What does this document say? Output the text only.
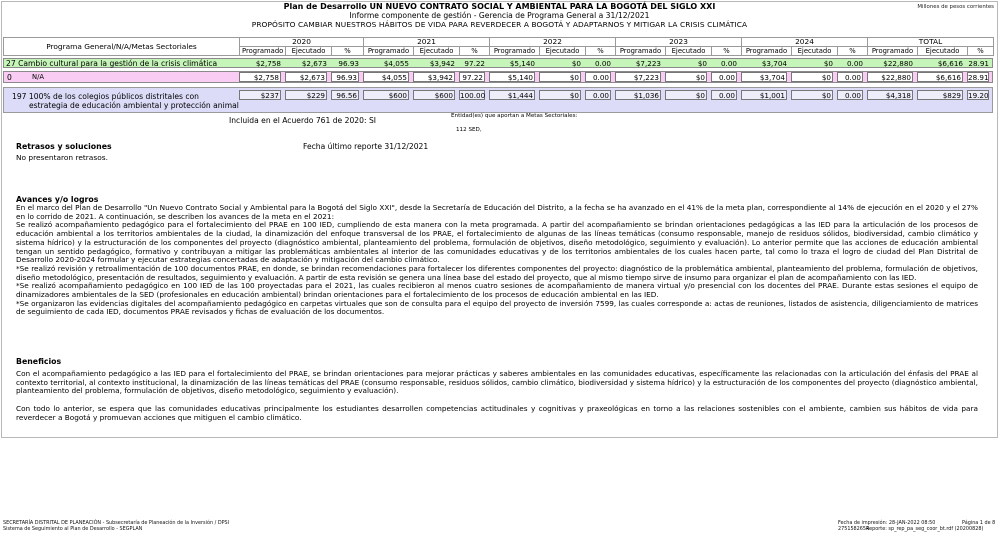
Plan de Desarrollo UN NUEVO CONTRATO SOCIAL Y AMBIENTAL PARA LA BOGOTÁ DEL SIGLO XXI
Informe componente de gestión - Gerencia de Programa General a 31/12/2021
PROPÓSITO CAMBIAR NUESTROS HÁBITOS DE VIDA PARA REVERDECER A BOGOTÁ Y ADAPTARNOS Y MITIGAR LA CRISIS CLIMÁTICA
Millones de pesos corrientes
Programa General/N/A/Metas Sectoriales	2020			2021			2022			2023			2024			TOTAL		
	Programado	Ejecutado	%	Programado	Ejecutado	%	Programado	Ejecutado	%	Programado	Ejecutado	%	Programado	Ejecutado	%	Programado	Ejecutado	%
27 Cambio cultural para la gestión de la crisis climática	$2,758	$2,673	96.93	$4,055	$3,942	97.22	$5,140	$0	0.00	$7,223	$0	0.00	$3,704	$0	0.00	$22,880	$6,616 28.91
0	N/A	$2,758	$2,673	96.93	$4,055	$3,942	97.22	$5,140	$0	0.00	$7,223	$0	0.00	$3,704	$0	0.00	$22,880	$6,616 28.91
197 100% de los colegios públicos distritales con
estrategia de educación ambiental y protección animal
$237	$229	96.56	$600	$600 100.00	$1,444	$0	0.00	$1,036	$0	0.00	$1,001	$0	0.00	$4,318	$829 19.20
Incluida en el Acuerdo 761 de 2020: SI	Entidad(es) que aportan a Metas Sectoriales:
112 SED,
Retrasos y soluciones
No presentaron retrasos.
Fecha último reporte 31/12/2021
Avances y/o logros

En el marco del Plan de Desarrollo "Un Nuevo Contrato Social y Ambiental para la Bogotá del Siglo XXI", desde la Secretaría de Educación del Distrito, a la fecha se ha avanzado en el 41% de la meta plan, correspondiente al 14% de ejecución en el 2020 y el 27% en lo corrido de 2021. A continuación, se describen los avances de la meta en el 2021:

Se realizó acompañamiento pedagógico para el fortalecimiento del PRAE en 100 IED, cumpliendo de esta manera con la meta programada. A partir del acompañamiento se brindan orientaciones pedagógicas a las IED para la articulación de los procesos de educación ambiental a los territorios ambientales de la ciudad, la dinamización del enfoque transversal de los PRAE, el fortalecimiento de algunas de las líneas temáticas (consumo responsable, manejo de residuos sólidos, biodiversidad, cambio climático y sistema hídrico) y la estructuración de los componentes del proyecto (diagnóstico ambiental, planteamiento del problema, formulación de objetivos, diseño metodológico, seguimiento y evaluación). Lo anterior permite que las acciones de educación ambiental tengan un sentido pedagógico, formativo y contribuyan a mitigar las problemáticas ambientales al interior de las comunidades educativas y de los territorios ambientales de los cuales hacen parte, tal como lo traza el logro de ciudad del Plan Distrital de Desarrollo 2020-2024 formular y ejecutar estrategias concertadas de adaptación y mitigación del cambio climático.

*Se realizó revisión y retroalimentación de 100 documentos PRAE, en donde, se brindan recomendaciones para fortalecer los diferentes componentes del proyecto: diagnóstico de la problemática ambiental, planteamiento del problema, formulación de objetivos, diseño metodológico, presentación de resultados, seguimiento y evaluación. A partir de esta revisión se genera una línea base del estado del proyecto, que al mismo tiempo sirve de insumo para organizar el plan de acompañamiento con las IED.

*Se realizó acompañamiento pedagógico en 100 IED de las 100 proyectadas para el 2021, las cuales recibieron al menos cuatro sesiones de acompañamiento de manera virtual y/o presencial con los docentes del PRAE. Durante estas sesiones el equipo de dinamizadores ambientales de la SED (profesionales en educación ambiental) brindan orientaciones para el fortalecimiento de los procesos de educación ambiental en las IED.

*Se organizaron las evidencias digitales del acompañamiento pedagógico en carpetas virtuales que son de consulta para el equipo del proyecto de inversión 7599, las cuales corresponde a: actas de reuniones, listados de asistencia, diligenciamiento de matrices de seguimiento de cada IED, documentos PRAE revisados y fichas de evaluación de los documentos.

Beneficios

Con el acompañamiento pedagógico a las IED para el fortalecimiento del PRAE, se brindan orientaciones para mejorar prácticas y saberes ambientales en las comunidades educativas, específicamente las relacionadas con la articulación del énfasis del PRAE al contexto territorial, al contexto institucional, la dinamización de las líneas temáticas del PRAE (consumo responsable, residuos sólidos, cambio climático, biodiversidad y sistema hídrico) y la estructuración de los componentes del proyecto (diagnóstico ambiental, planteamiento del problema, formulación de objetivos, diseño metodológico, seguimiento y evaluación).

Con todo lo anterior, se espera que las comunidades educativas principalmente los estudiantes desarrollen competencias actitudinales y cognitivas y praxeológicas en torno a las relaciones sostenibles con el ambiente, cambien sus hábitos de vida para reverdecer a Bogotá y promuevan acciones que mitiguen el cambio climático.

SECRETARÍA DISTRITAL DE PLANEACIÓN - Subsecretaría de Planeación de la Inversión / DPSI
Sistema de Seguimiento al Plan de Desarrollo - SEGPLAN
Fecha de impresión: 28-JAN-2022 08:50
2751582654
Página 1 de 8
Reporte: sp_rep_pa_seg_coor_bt.rdf (20200828)
